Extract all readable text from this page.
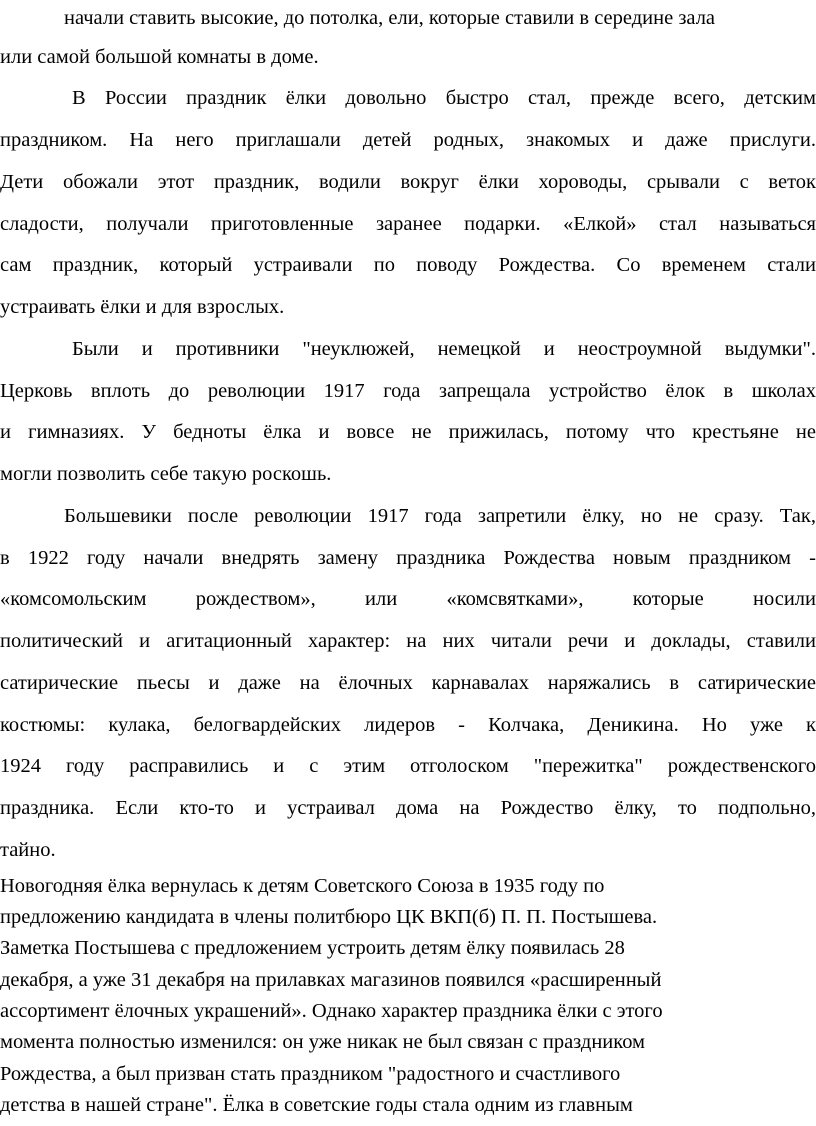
начали ставить высокие, до потолка, ели, которые ставили в середине зала
или самой большой комнаты в доме.
В России праздник ёлки довольно быстро стал, прежде всего, детским
праздником. На него приглашали детей родных, знакомых и даже прислуги.
Дети обожали этот праздник, водили вокруг ёлки хороводы, срывали с веток
сладости, получали приготовленные заранее подарки. «Елкой» стал называться
сам праздник, который устраивали по поводу Рождества. Со временем стали
устраивать ёлки и для взрослых.
Были и противники "неуклюжей, немецкой и неостроумной выдумки".
Церковь вплоть до революции 1917 года запрещала устройство ёлок в школах
и гимназиях. У бедноты ёлка и вовсе не прижилась, потому что крестьяне не
могли позволить себе такую роскошь.
Большевики после революции 1917 года запретили ёлку, но не сразу. Так,
в 1922 году начали внедрять замену праздника Рождества новым праздником -
«комсомольским рождеством», или «комсвятками», которые носили
политический и агитационный характер: на них читали речи и доклады, ставили
сатирические пьесы и даже на ёлочных карнавалах наряжались в сатирические
костюмы: кулака, белогвардейских лидеров - Колчака, Деникина. Но уже к
1924 году расправились и с этим отголоском "пережитка" рождественского
праздника. Если кто-то и устраивал дома на Рождество ёлку, то подпольно,
тайно.
Новогодняя ёлка вернулась к детям Советского Союза в 1935 году по
предложению кандидата в члены политбюро ЦК ВКП(б) П. П. Постышева.
Заметка Постышева с предложением устроить детям ёлку появилась 28
декабря, а уже 31 декабря на прилавках магазинов появился «расширенный
ассортимент ёлочных украшений». Однако характер праздника ёлки с этого
момента полностью изменился: он уже никак не был связан с праздником
Рождества, а был призван стать праздником "радостного и счастливого
детства в нашей стране". Ёлка в советские годы стала одним из главным
